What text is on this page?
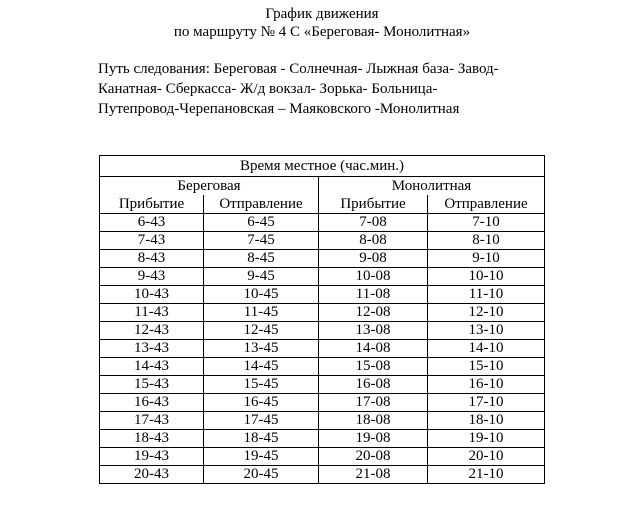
График движения
по маршруту № 4 С «Береговая- Монолитная»
Путь следования: Береговая - Солнечная- Лыжная база- Завод-
Канатная- Сберкасса- Ж/д вокзал- Зорька- Больница-
Путепровод-Черепановская – Маяковского -Монолитная
Время местное (час.мин.)			
Береговая		Монолитная	
Прибытие	Отправление	Прибытие	Отправление
6-43	6-45	7-08	7-10
7-43	7-45	8-08	8-10
8-43	8-45	9-08	9-10
9-43	9-45	10-08	10-10
10-43	10-45	11-08	11-10
11-43	11-45	12-08	12-10
12-43	12-45	13-08	13-10
13-43	13-45	14-08	14-10
14-43	14-45	15-08	15-10
15-43	15-45	16-08	16-10
16-43	16-45	17-08	17-10
17-43	17-45	18-08	18-10
18-43	18-45	19-08	19-10
19-43	19-45	20-08	20-10
20-43	20-45	21-08	21-10
